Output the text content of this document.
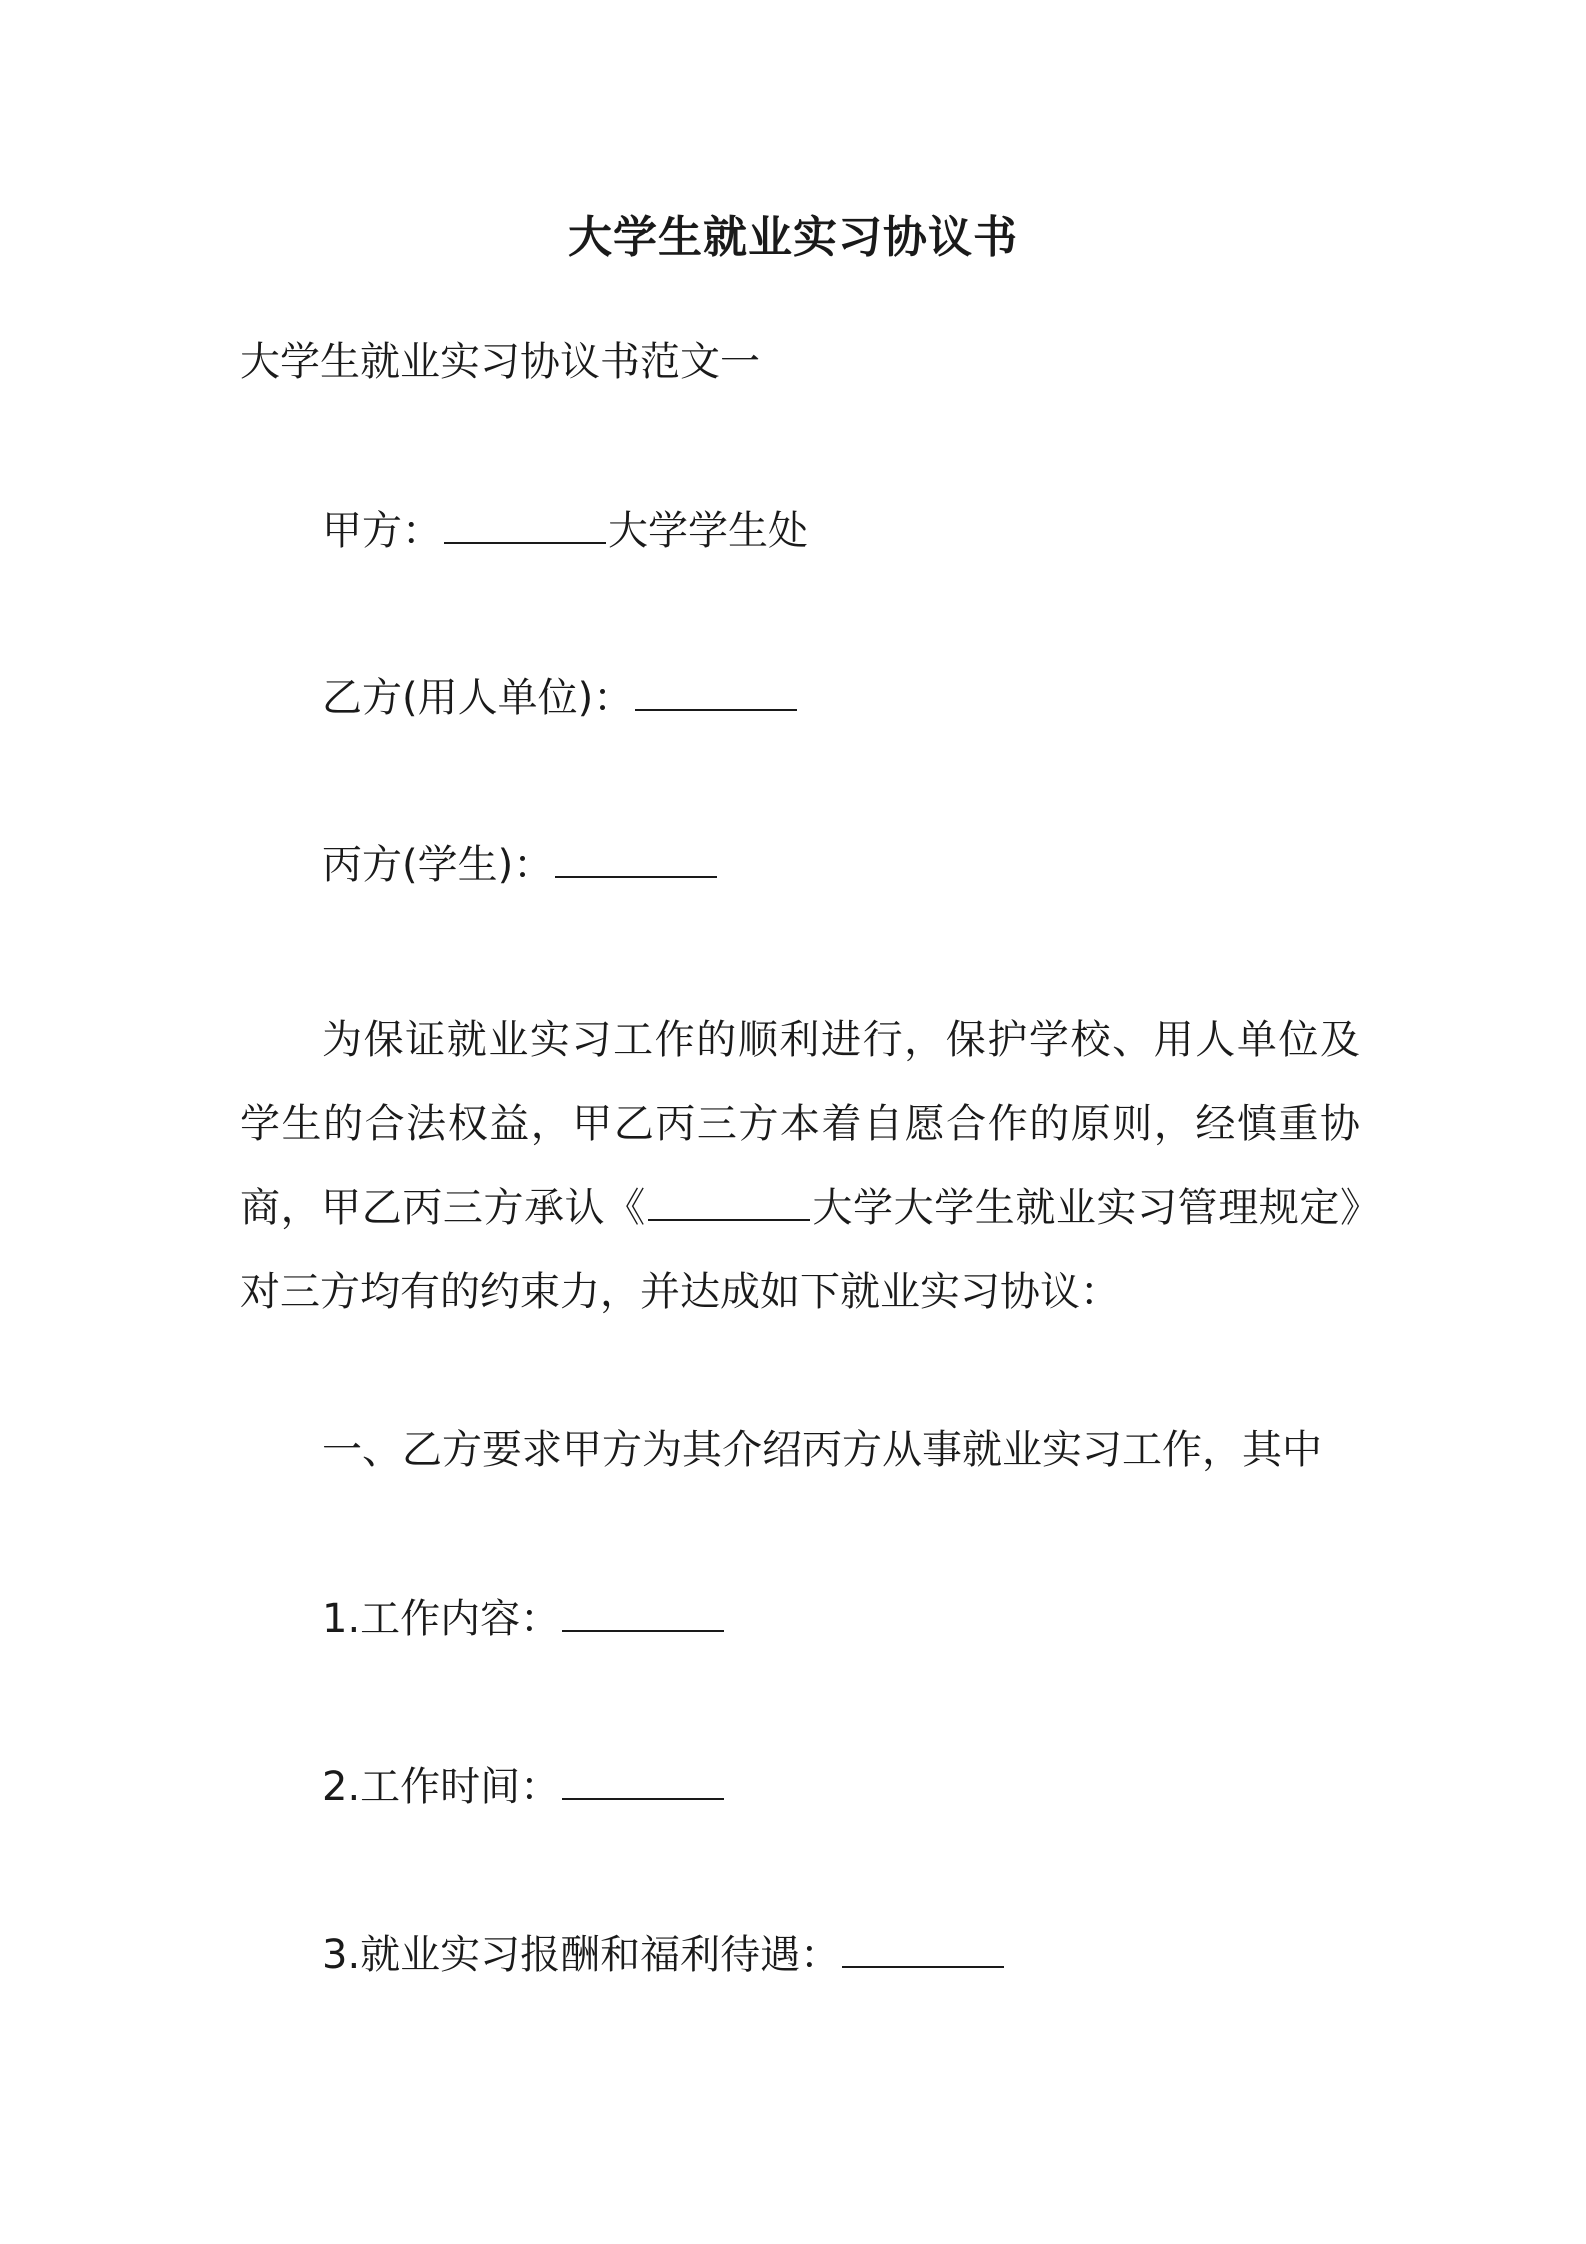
大学生就业实习协议书
大学生就业实习协议书范文一
甲方：	大学学生处
乙方(用人单位)：
丙方(学生)：
为保证就业实习工作的顺利进行，保护学校、用人单位及学生的合法权益，甲乙丙三方本着自愿合作的原则，经慎重协商，甲乙丙三方承认《	大学大学生就业实习管理规定》对三方均有的约束力，并达成如下就业实习协议：
一、乙方要求甲方为其介绍丙方从事就业实习工作，其中
1.工作内容：
2.工作时间：
3.就业实习报酬和福利待遇：
